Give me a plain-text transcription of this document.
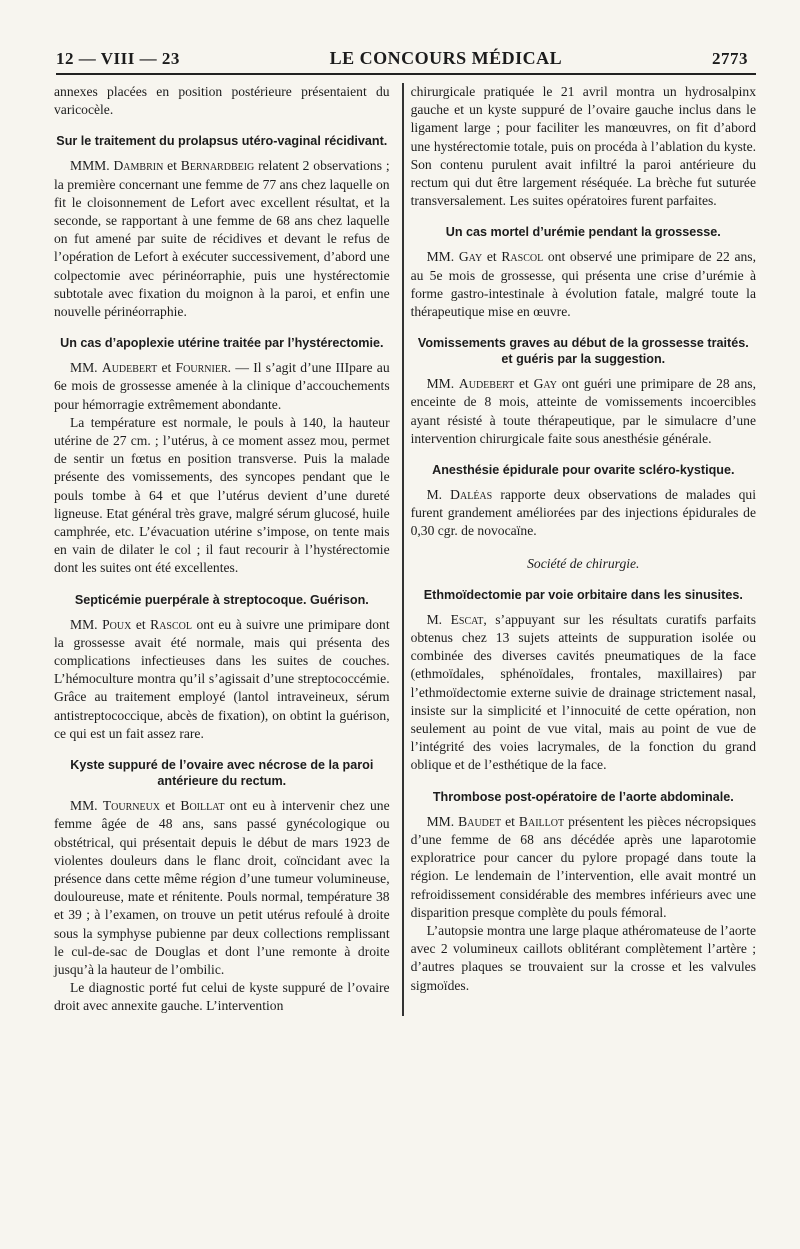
12 — VIII — 23	LE CONCOURS MÉDICAL	2773

annexes placées en position postérieure présentaient du varicocèle.

Sur le traitement du prolapsus utéro-vaginal récidivant.

MMM. Dambrin et Bernardbeig relatent 2 observations ; la première concernant une femme de 77 ans chez laquelle on fit le cloisonnement de Lefort avec excellent résultat, et la seconde, se rapportant à une femme de 68 ans chez laquelle on fut amené par suite de récidives et devant le refus de l’opération de Lefort à exécuter successivement, d’abord une colpectomie avec périnéorraphie, puis une hystérectomie subtotale avec fixation du moignon à la paroi, et enfin une nouvelle périnéorraphie.

Un cas d’apoplexie utérine traitée par l’hystérectomie.

MM. Audebert et Fournier. — Il s’agit d’une IIIpare au 6e mois de grossesse amenée à la clinique d’accouchements pour hémorragie extrêmement abondante.

La température est normale, le pouls à 140, la hauteur utérine de 27 cm. ; l’utérus, à ce moment assez mou, permet de sentir un fœtus en position transverse. Puis la malade présente des vomissements, des syncopes pendant que le pouls tombe à 64 et que l’utérus devient d’une dureté ligneuse. Etat général très grave, malgré sérum glucosé, huile camphrée, etc. L’évacuation utérine s’impose, on tente mais en vain de dilater le col ; il faut recourir à l’hystérectomie dont les suites ont été excellentes.

Septicémie puerpérale à streptocoque. Guérison.

MM. Poux et Rascol ont eu à suivre une primipare dont la grossesse avait été normale, mais qui présenta des complications infectieuses dans les suites de couches. L’hémoculture montra qu’il s’agissait d’une streptococcémie. Grâce au traitement employé (lantol intraveineux, sérum antistreptococcique, abcès de fixation), on obtint la guérison, ce qui est un fait assez rare.

Kyste suppuré de l’ovaire avec nécrose de la paroi antérieure du rectum.

MM. Tourneux et Boillat ont eu à intervenir chez une femme âgée de 48 ans, sans passé gynécologique ou obstétrical, qui présentait depuis le début de mars 1923 de violentes douleurs dans le flanc droit, coïncidant avec la présence dans cette même région d’une tumeur volumineuse, douloureuse, mate et rénitente. Pouls normal, température 38 et 39 ; à l’examen, on trouve un petit utérus refoulé à droite sous la symphyse pubienne par deux collections remplissant le cul-de-sac de Douglas et dont l’une remonte à droite jusqu’à la hauteur de l’ombilic.

Le diagnostic porté fut celui de kyste suppuré de l’ovaire droit avec annexite gauche. L’intervention

chirurgicale pratiquée le 21 avril montra un hydrosalpinx gauche et un kyste suppuré de l’ovaire gauche inclus dans le ligament large ; pour faciliter les manœuvres, on fit d’abord une hystérectomie totale, puis on procéda à l’ablation du kyste. Son contenu purulent avait infiltré la paroi antérieure du rectum qui dut être largement réséquée. La brèche fut suturée transversalement. Les suites opératoires furent parfaites.

Un cas mortel d’urémie pendant la grossesse.

MM. Gay et Rascol ont observé une primipare de 22 ans, au 5e mois de grossesse, qui présenta une crise d’urémie à forme gastro-intestinale à évolution fatale, malgré toute la thérapeutique mise en œuvre.

Vomissements graves au début de la grossesse traités. et guéris par la suggestion.

MM. Audebert et Gay ont guéri une primipare de 28 ans, enceinte de 8 mois, atteinte de vomissements incoercibles ayant résisté à toute thérapeutique, par le simulacre d’une intervention chirurgicale faite sous anesthésie générale.

Anesthésie épidurale pour ovarite scléro-kystique.

M. Daléas rapporte deux observations de malades qui furent grandement améliorées par des injections épidurales de 0,30 cgr. de novocaïne.

Société de chirurgie.
Ethmoïdectomie par voie orbitaire dans les sinusites.

M. Escat, s’appuyant sur les résultats curatifs parfaits obtenus chez 13 sujets atteints de suppuration isolée ou combinée des diverses cavités pneumatiques de la face (ethmoïdales, sphénoïdales, frontales, maxillaires) par l’ethmoïdectomie externe suivie de drainage strictement nasal, insiste sur la simplicité et l’innocuité de cette opération, non seulement au point de vue vital, mais au point de vue de l’intégrité des voies lacrymales, de la fonction du grand oblique et de l’esthétique de la face.

Thrombose post-opératoire de l’aorte abdominale.

MM. Baudet et Baillot présentent les pièces nécropsiques d’une femme de 68 ans décédée après une laparotomie exploratrice pour cancer du pylore propagé dans toute la région. Le lendemain de l’intervention, elle avait montré un refroidissement considérable des membres inférieurs avec une disparition presque complète du pouls fémoral.

L’autopsie montra une large plaque athéromateuse de l’aorte avec 2 volumineux caillots oblitérant complètement l’artère ; d’autres plaques se trouvaient sur la crosse et les valvules sigmoïdes.
